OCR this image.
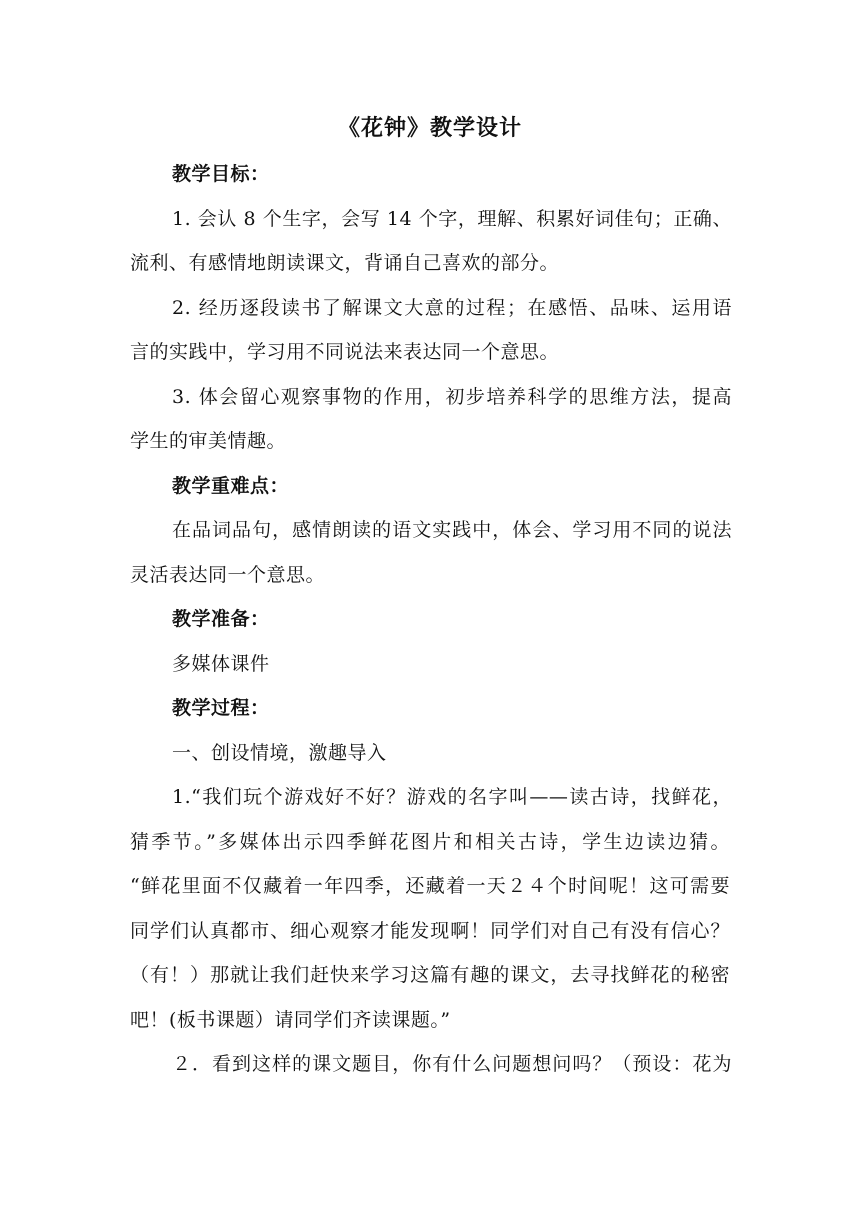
《花钟》教学设计
教学目标：
1. 会认 8 个生字，会写 14 个字，理解、积累好词佳句；正确、
流利、有感情地朗读课文，背诵自己喜欢的部分。
2. 经历逐段读书了解课文大意的过程；在感悟、品味、运用语
言的实践中，学习用不同说法来表达同一个意思。
3. 体会留心观察事物的作用，初步培养科学的思维方法，提高
学生的审美情趣。
教学重难点：
在品词品句，感情朗读的语文实践中，体会、学习用不同的说法
灵活表达同一个意思。
教学准备：
多媒体课件
教学过程：
一、创设情境，激趣导入
1.“我们玩个游戏好不好？游戏的名字叫——读古诗，找鲜花，
猜季节。”多媒体出示四季鲜花图片和相关古诗，学生边读边猜。
“鲜花里面不仅藏着一年四季，还藏着一天２４个时间呢！这可需要
同学们认真都市、细心观察才能发现啊！同学们对自己有没有信心？
（有！）那就让我们赶快来学习这篇有趣的课文，去寻找鲜花的秘密
吧！(板书课题）请同学们齐读课题。”
２．看到这样的课文题目，你有什么问题想问吗？（预设：花为
